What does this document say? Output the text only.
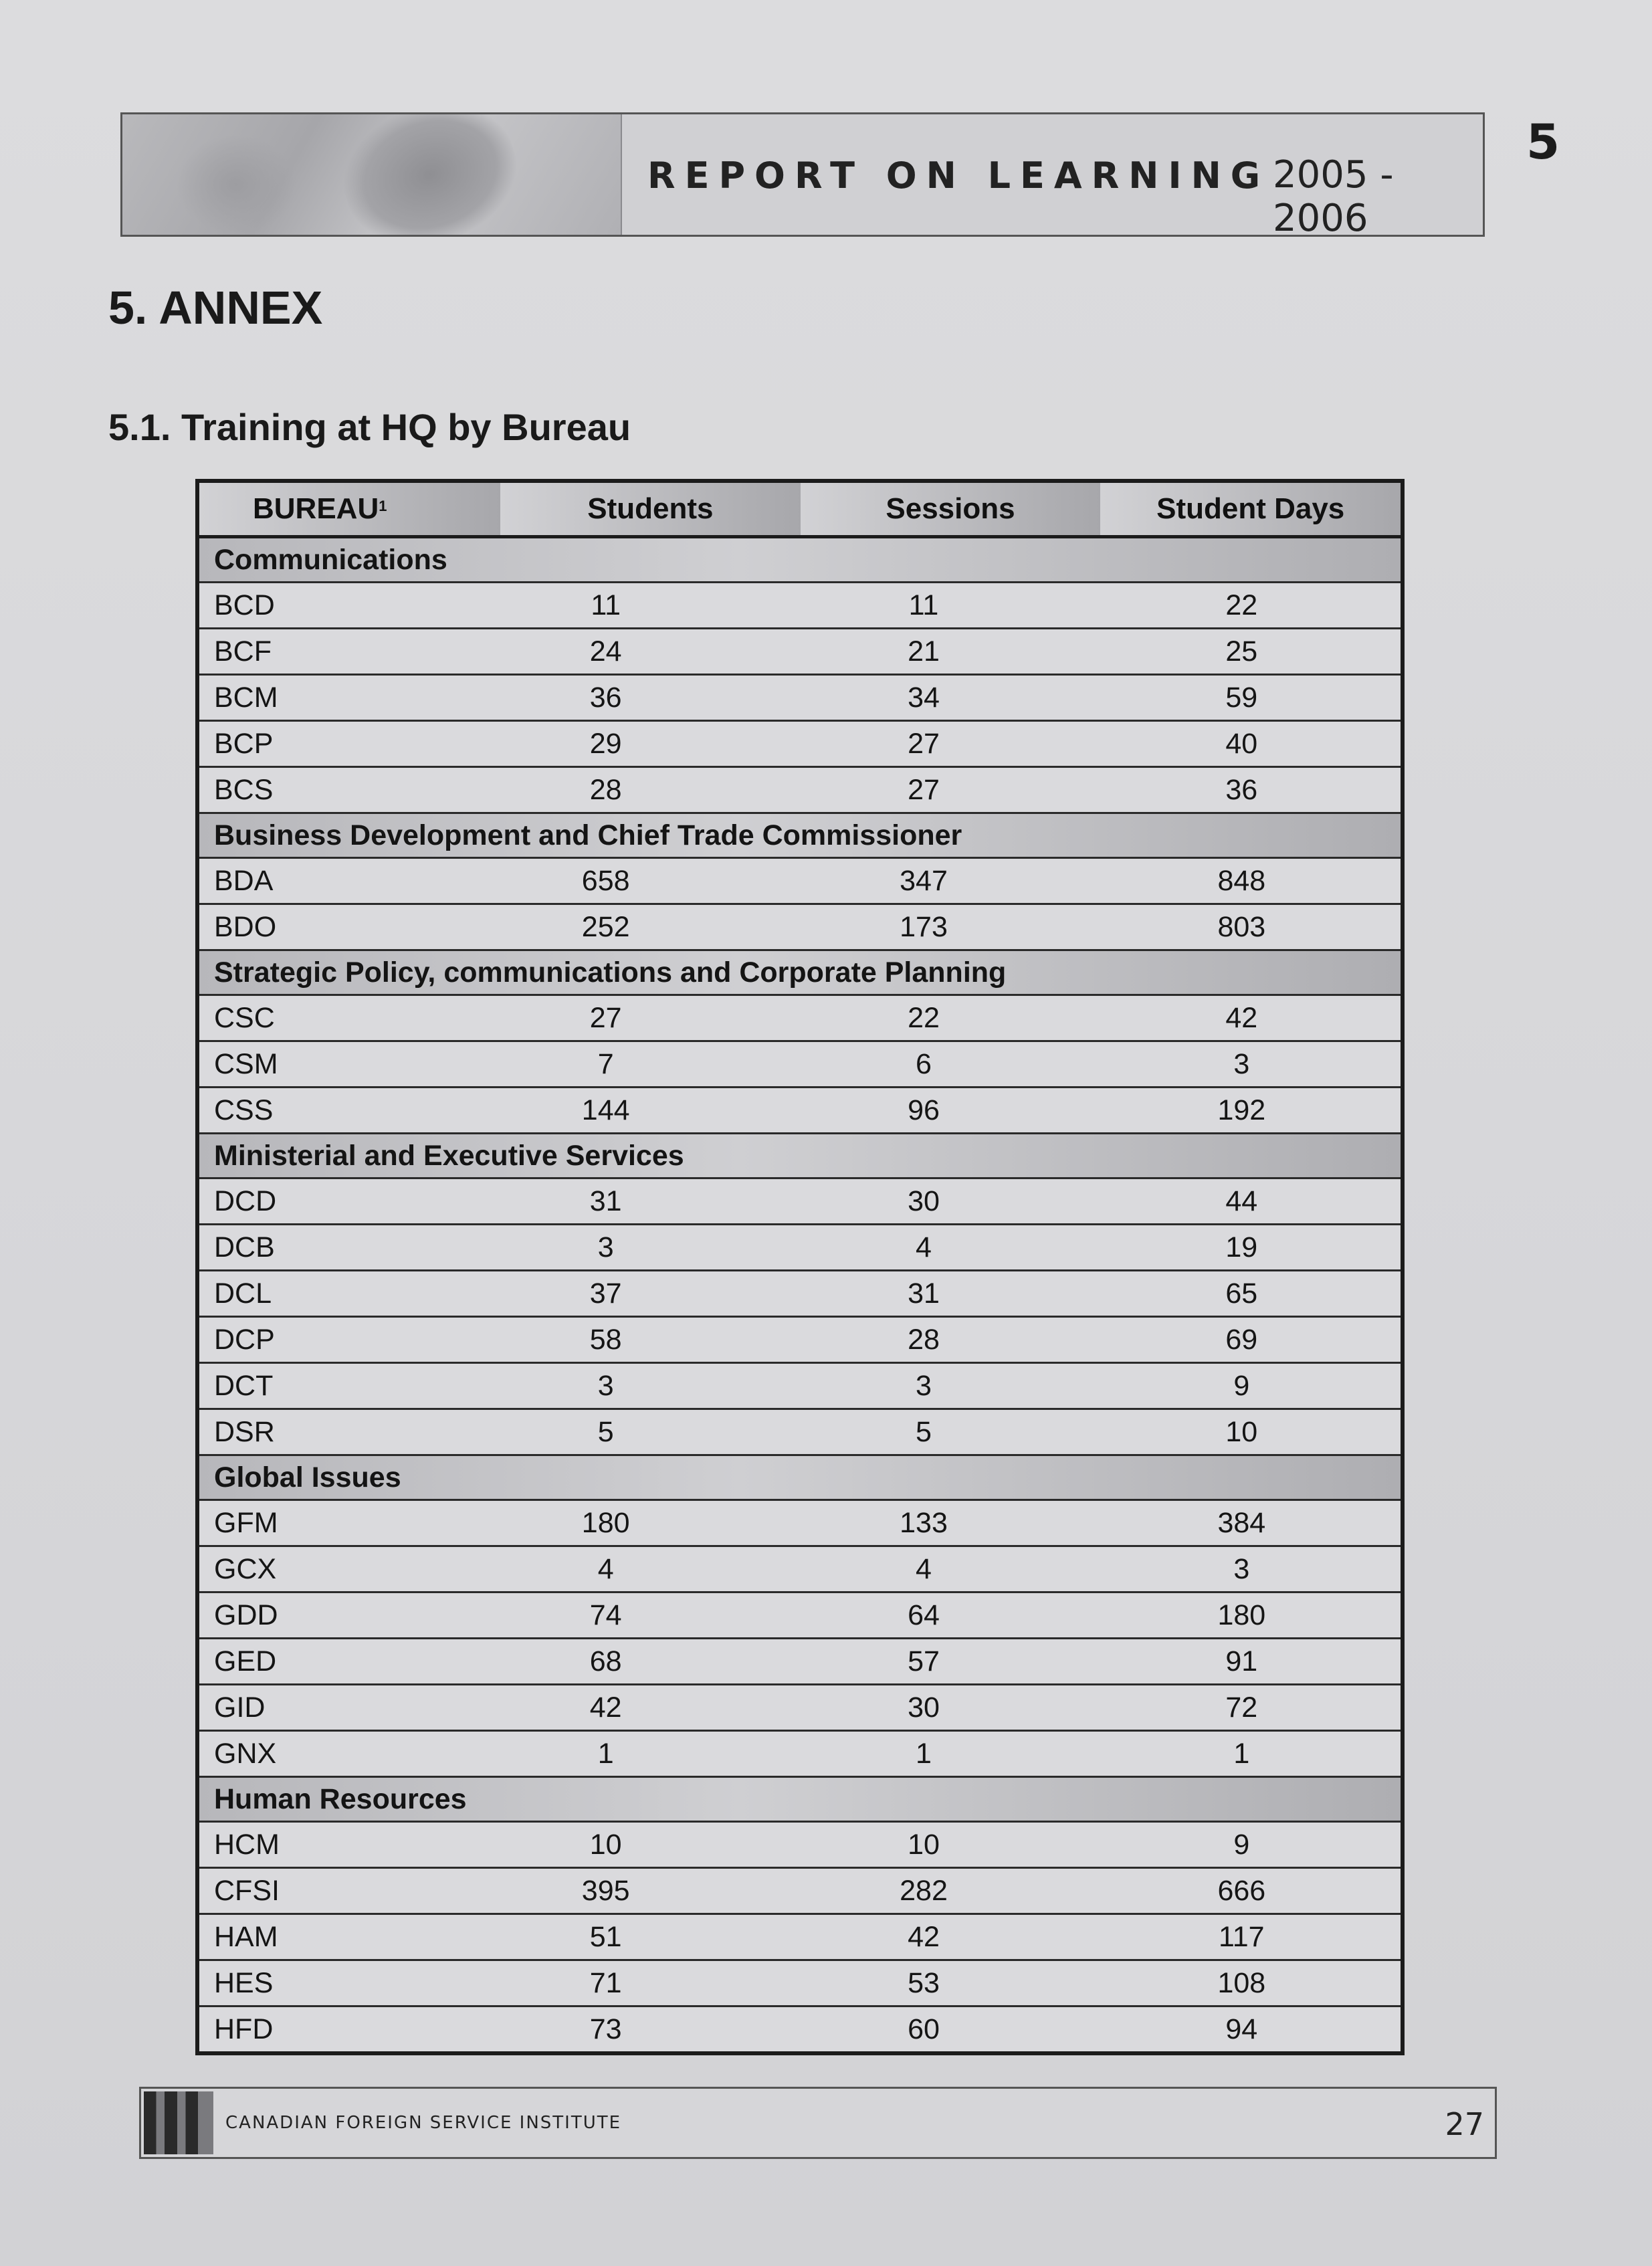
REPORT ON LEARNING 2005 - 2006
5
5. ANNEX
5.1. Training at HQ by Bureau
BUREAU$^1$	Students	Sessions	Student Days
Communications
BCD	11	11	22
BCF	24	21	25
BCM	36	34	59
BCP	29	27	40
BCS	28	27	36
Business Development and Chief Trade Commissioner
BDA	658	347	848
BDO	252	173	803
Strategic Policy, communications and Corporate Planning
CSC	27	22	42
CSM	7	6	3
CSS	144	96	192
Ministerial and Executive Services
DCD	31	30	44
DCB	3	4	19
DCL	37	31	65
DCP	58	28	69
DCT	3	3	9
DSR	5	5	10
Global Issues
GFM	180	133	384
GCX	4	4	3
GDD	74	64	180
GED	68	57	91
GID	42	30	72
GNX	1	1	1
Human Resources
HCM	10	10	9
CFSI	395	282	666
HAM	51	42	117
HES	71	53	108
HFD	73	60	94
CANADIAN FOREIGN SERVICE INSTITUTE	27
